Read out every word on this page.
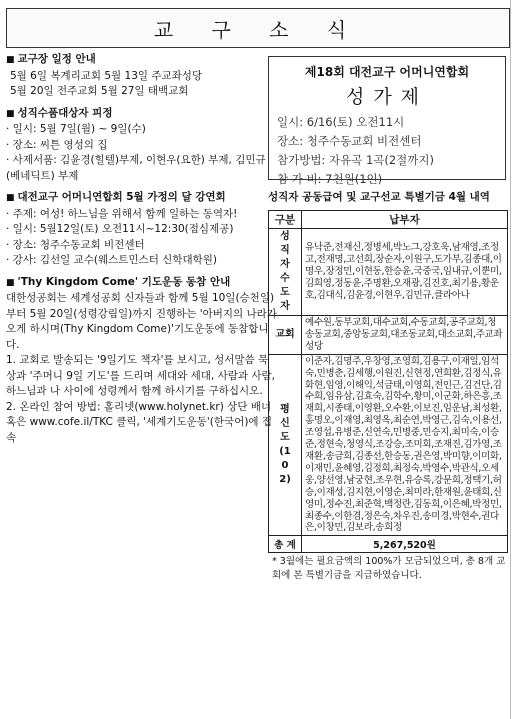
교 구 소 식
■ 교구장 일정 안내
5월 6일 복계리교회 5월 13일 주교좌성당
5월 20일 전주교회 5월 27일 태백교회
■ 성직수품대상자 피정
· 일시: 5월 7일(월) ~ 9일(수)
· 장소: 씨튼 영성의 집
· 사제서품: 김윤경(힐텔)부제, 이현우(요한) 부제, 김민규(베네딕트) 부제
■ 대전교구 어머니연합회 5월 가정의 달 강연회
· 주제: 여성! 하느님을 위해서 함께 일하는 동역자!
· 일시: 5월12일(토) 오전11시~12:30(점심제공)
· 장소: 청주수동교회 비전센터
· 강사: 김선일 교수(웨스트민스터 신학대학원)
■ 'Thy Kingdom Come' 기도운동 동참 안내
대한성공회는 세계성공회 신자들과 함께 5월 10일(승천일)부터 5월 20일(성령강림일)까지 진행하는 '아버지의 나라가 오게 하시며(Thy Kingdom Come)'기도운동에 동참합니다.
1. 교회로 발송되는 '9일기도 책자'를 보시고, 성서말씀 묵상과 '주머니 9일 기도'를 드리며 세대와 세대, 사람과 사람, 하느님과 나 사이에 성령께서 함께 하시기를 구하십시오.
2. 온라인 참여 방법: 홀리넷(www.holynet.kr) 상단 배너 혹은 www.cofe.il/TKC 클릭, '세계기도운동'(한국어)에 접속
제18회 대전교구 어머니연합회
성가제
일시: 6/16(토) 오전11시
장소: 청주수동교회 비전센터
참가방법: 자유곡 1곡(2절까지)
참 가 비: 7천원(1인)
성직자 공동급여 및 교구선교 특별기금 4월 내역
구분	납부자
성직자수도자	유낙준,전재신,정병세,박노그,강호욱,남재영,조정고,전재명,고선희,장순자,이원구,도가부,김종대,이명우,장정민,이현동,한승윤,국중국,임내규,이뿐미,김희영,정동윤,주명환,오재광,김진호,최기용,황운호,김대식,김윤경,이현우,김민규,클라아나
교회	예수원,동부교회,대수교회,수동교회,공주교회,청송동교회,중앙동교회,대조동교회,대소교회,주교좌성당
평신도(102)	이준자,김명주,우창영,조영희,김용구,이재일,임석숙,민병춘,김세행,이원진,신현정,연희환,김정식,유화현,임영,이해익,석금태,이영희,전인근,김건단,김수희,임유삼,김효숙,김학수,황미,이군화,하은흥,조재희,시종태,이영환,오수환,이보진,임운남,최성환,홍명오,이재영,최영옥,최순연,박영근,김숙,이용선,조영섭,유병준,신연숙,민병중,민승지,최미숙,이승준,정현숙,청영식,조강승,조미회,조재진,김가영,조재환,송금희,김종선,한승동,권은영,박미향,이미화,이재민,윤혜영,김정희,최정숙,박영수,박관식,오세웅,양선영,남궁현,조우현,유승록,강문희,정택기,허승,이재성,김지현,이영순,최미라,한재원,윤태희,신영미,정수진,최준혁,백정란,김동희,이은혜,박정민,최종수,이한겸,정은숙,차우진,송미경,박현수,권다은,이창민,김보라,송희정
총 계	5,267,520원
* 3월에는 필요금액의 100%가 모금되었으며, 총 8개 교회에 본 특별기금을 지급하였습니다.
